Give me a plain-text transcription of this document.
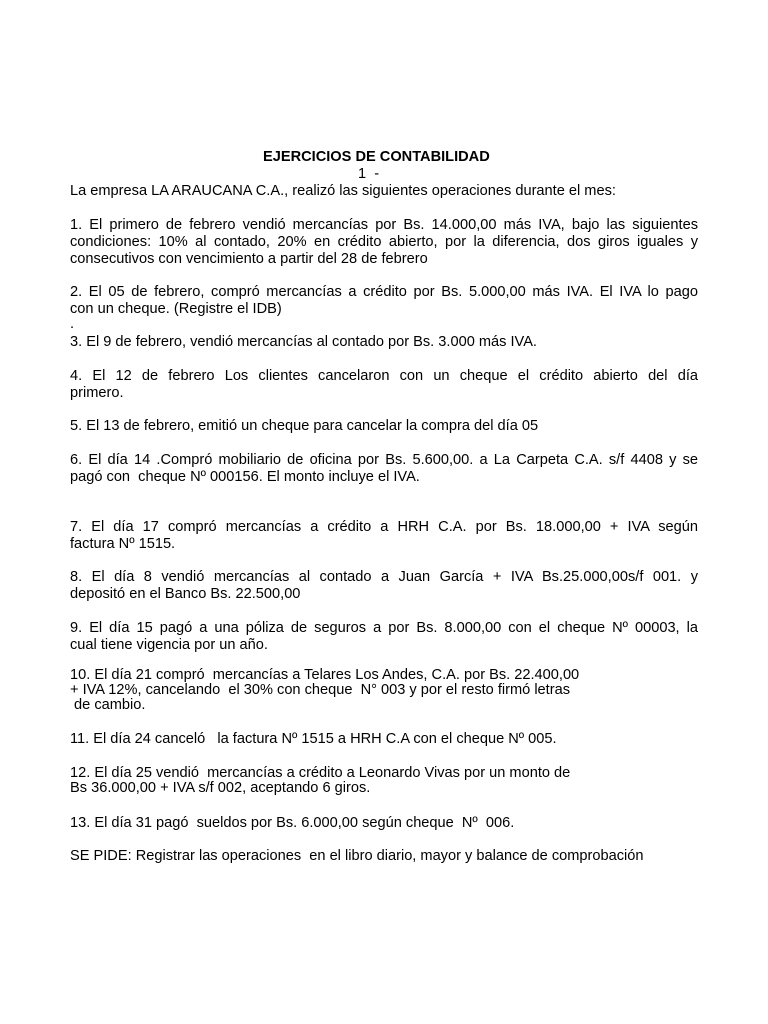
EJERCICIOS DE CONTABILIDAD
1  -
La empresa LA ARAUCANA C.A., realizó las siguientes operaciones durante el mes:
1. El primero de febrero vendió mercancías por Bs. 14.000,00 más IVA, bajo las siguientes
condiciones: 10% al contado, 20% en crédito abierto, por la diferencia, dos giros iguales y
consecutivos con vencimiento a partir del 28 de febrero
2. El 05 de febrero, compró mercancías a crédito por Bs. 5.000,00 más IVA. El IVA lo pago
con un cheque. (Registre el IDB)
.
3. El 9 de febrero, vendió mercancías al contado por Bs. 3.000 más IVA.
4. El 12 de febrero Los clientes cancelaron con un cheque el crédito abierto del día
primero.
5. El 13 de febrero, emitió un cheque para cancelar la compra del día 05
6. El día 14 .Compró mobiliario de oficina por Bs. 5.600,00. a La Carpeta C.A. s/f 4408 y se
pagó con  cheque Nº 000156. El monto incluye el IVA.
7. El día 17 compró mercancías a crédito a HRH C.A. por Bs. 18.000,00 + IVA según
factura Nº 1515.
8. El día 8 vendió mercancías al contado a Juan García + IVA Bs.25.000,00s/f 001. y
depositó en el Banco Bs. 22.500,00
9. El día 15 pagó a una póliza de seguros a por Bs. 8.000,00 con el cheque Nº 00003, la
cual tiene vigencia por un año.
10. El día 21 compró  mercancías a Telares Los Andes, C.A. por Bs. 22.400,00
+ IVA 12%, cancelando  el 30% con cheque  N° 003 y por el resto firmó letras
de cambio.
11. El día 24 canceló   la factura Nº 1515 a HRH C.A con el cheque Nº 005.
12. El día 25 vendió  mercancías a crédito a Leonardo Vivas por un monto de
Bs 36.000,00 + IVA s/f 002, aceptando 6 giros.
13. El día 31 pagó  sueldos por Bs. 6.000,00 según cheque  Nº  006.
SE PIDE: Registrar las operaciones  en el libro diario, mayor y balance de comprobación
